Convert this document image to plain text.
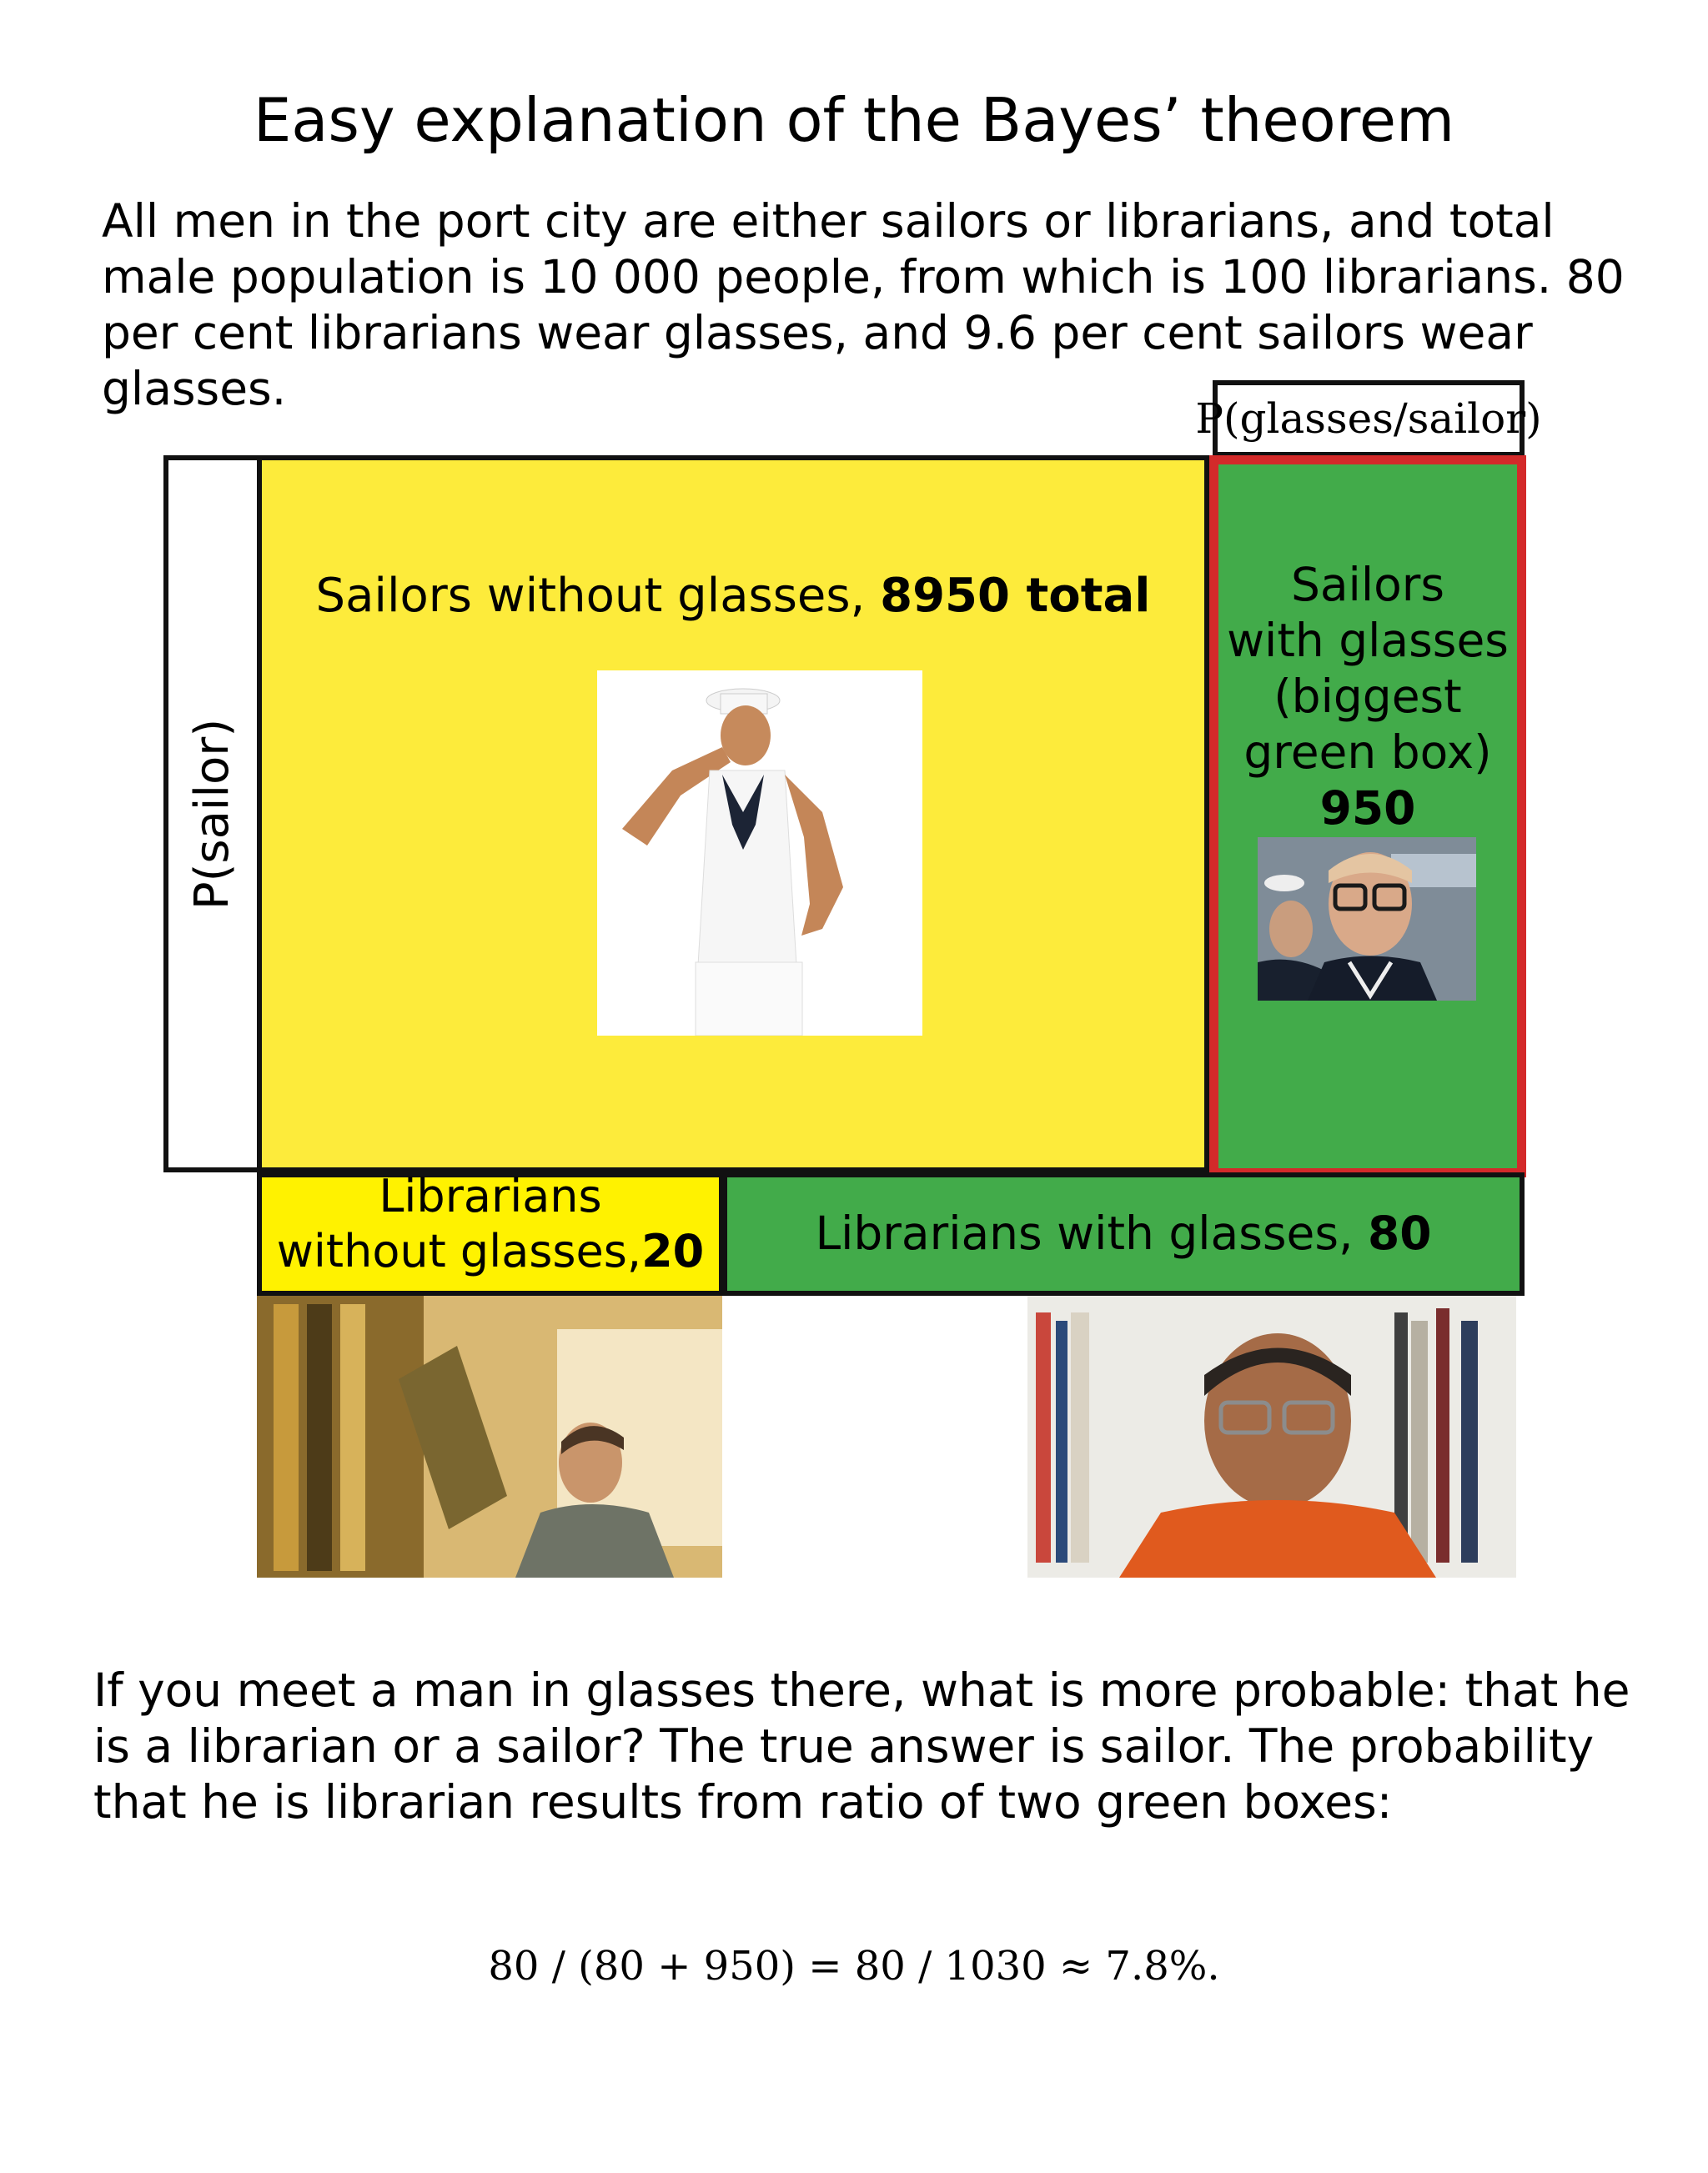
Easy explanation of the Bayes’ theorem
All men in the port city are either sailors or librarians, and total male population is 10 000 people, from which is 100 librarians. 80 per cent librarians wear glasses, and 9.6 per cent sailors wear glasses.
P(glasses/sailor)
P(sailor)
Sailors without glasses, 8950 total	Sailors
with glasses
(biggest
green box)
950
Librarians
without glasses,20	Librarians with glasses, 80
If you meet a man in glasses there, what is more probable: that he is a librarian or a sailor? The true answer is sailor. The probability that he is librarian results from ratio of two green boxes:
80 / (80 + 950) = 80 / 1030 ≈ 7.8%.
